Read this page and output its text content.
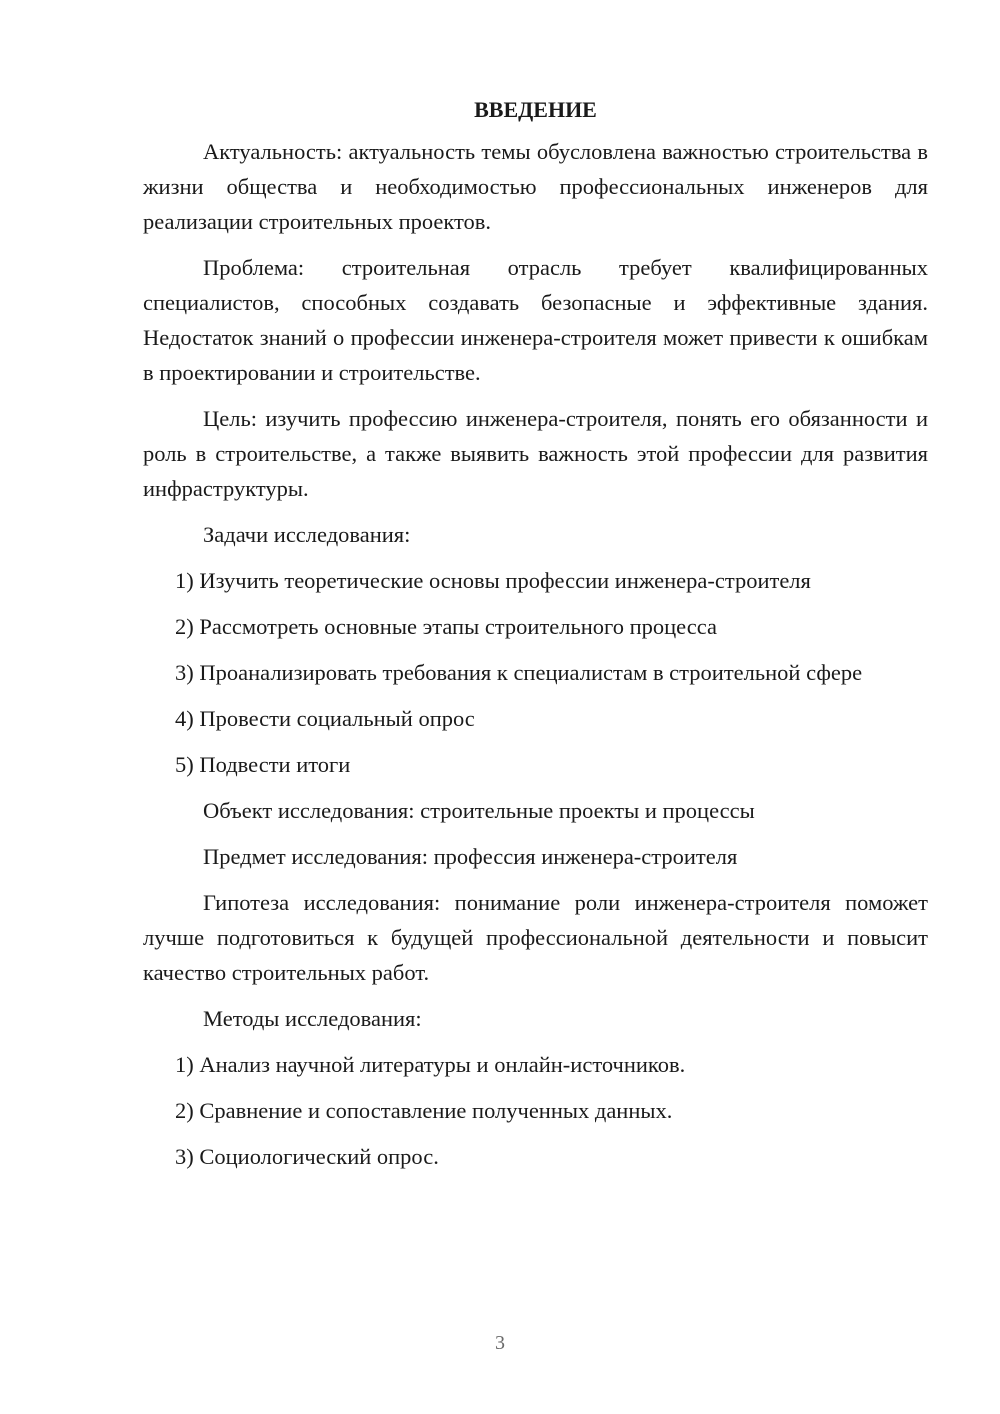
ВВЕДЕНИЕ

Актуальность: актуальность темы обусловлена важностью строительства в жизни общества и необходимостью профессиональных инженеров для реализации строительных проектов.

Проблема: строительная отрасль требует квалифицированных специалистов, способных создавать безопасные и эффективные здания. Недостаток знаний о профессии инженера-строителя может привести к ошибкам в проектировании и строительстве.

Цель: изучить профессию инженера-строителя, понять его обязанности и роль в строительстве, а также выявить важность этой профессии для развития инфраструктуры.

Задачи исследования:

1) Изучить теоретические основы профессии инженера-строителя

2) Рассмотреть основные этапы строительного процесса

3) Проанализировать требования к специалистам в строительной сфере

4) Провести социальный опрос

5) Подвести итоги

Объект исследования: строительные проекты и процессы

Предмет исследования: профессия инженера-строителя

Гипотеза исследования: понимание роли инженера-строителя поможет лучше подготовиться к будущей профессиональной деятельности и повысит качество строительных работ.

Методы исследования:

1) Анализ научной литературы и онлайн-источников.

2) Сравнение и сопоставление полученных данных.

3) Социологический опрос.

3
